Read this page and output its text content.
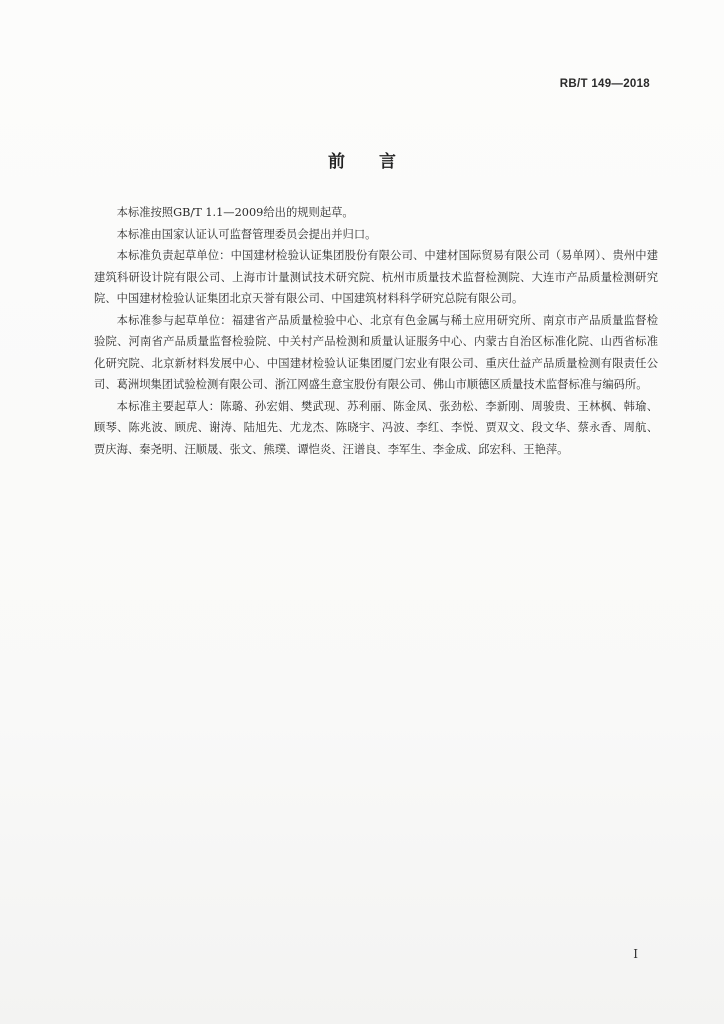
RB/T 149—2018
前言

本标准按照GB/T 1.1—2009给出的规则起草。

本标准由国家认证认可监督管理委员会提出并归口。

本标准负责起草单位：中国建材检验认证集团股份有限公司、中建材国际贸易有限公司（易单网）、贵州中建建筑科研设计院有限公司、上海市计量测试技术研究院、杭州市质量技术监督检测院、大连市产品质量检测研究院、中国建材检验认证集团北京天誉有限公司、中国建筑材料科学研究总院有限公司。

本标准参与起草单位：福建省产品质量检验中心、北京有色金属与稀土应用研究所、南京市产品质量监督检验院、河南省产品质量监督检验院、中关村产品检测和质量认证服务中心、内蒙古自治区标准化院、山西省标准化研究院、北京新材料发展中心、中国建材检验认证集团厦门宏业有限公司、重庆仕益产品质量检测有限责任公司、葛洲坝集团试验检测有限公司、浙江网盛生意宝股份有限公司、佛山市顺德区质量技术监督标准与编码所。

本标准主要起草人：陈璐、孙宏娟、樊武现、苏利丽、陈金凤、张劲松、李新刚、周骏贵、王林枫、韩瑜、顾琴、陈兆波、顾虎、谢涛、陆旭先、尤龙杰、陈晓宇、冯波、李红、李悦、贾双文、段文华、蔡永香、周航、贾庆海、秦尧明、汪顺晟、张文、熊璞、谭恺炎、汪谱良、李军生、李金成、邱宏科、王艳萍。

I
